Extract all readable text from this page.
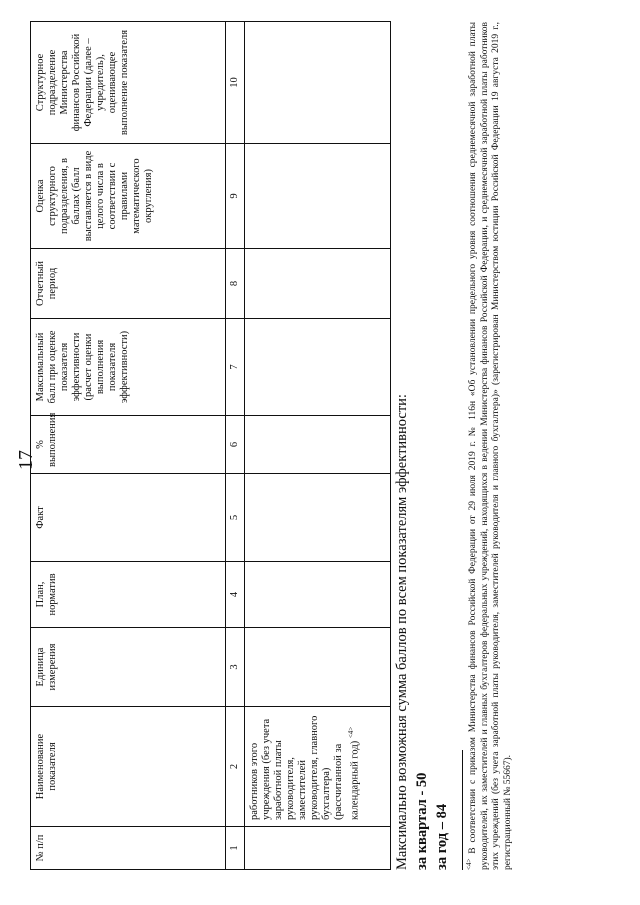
17
№ п/п	Наименование показателя	Единица измерения	План, норматив	Факт	% выполнения	Максимальный балл при оценке показателя эффективности (расчет оценки выполнения показателя эффективности)	Отчетный период	Оценка структурного подразделения, в баллах (балл выставляется в виде целого числа в соответствии с правилами математического округления)	Структурное подразделение Министерства финансов Российской Федерации (далее – учредитель), оценивающее выполнение показателя
1	2	3	4	5	6	7	8	9	10
	работников этого учреждения (без учета заработной платы руководителя, заместителей руководителя, главного бухгалтера) (рассчитанной за календарный год) $^{<4>}$									Максимально возможная сумма баллов по всем показателям эффективности: за квартал - 50 за год – 84 $^{<4>}$ В соответствии с приказом Министерства финансов Российской Федерации от 29 июля 2019 г. № 116н «Об установлении предельного уровня соотношения среднемесячной заработной платы руководителей, их заместителей и главных бухгалтеров федеральных учреждений, находящихся в ведении Министерства финансов Российской Федерации, и среднемесячной заработной платы работников этих учреждений (без учета заработной платы руководителя, заместителей руководителя и главного бухгалтера)» (зарегистрирован Министерством юстиции Российской Федерации 19 августа 2019 г., регистрационный № 55667).
